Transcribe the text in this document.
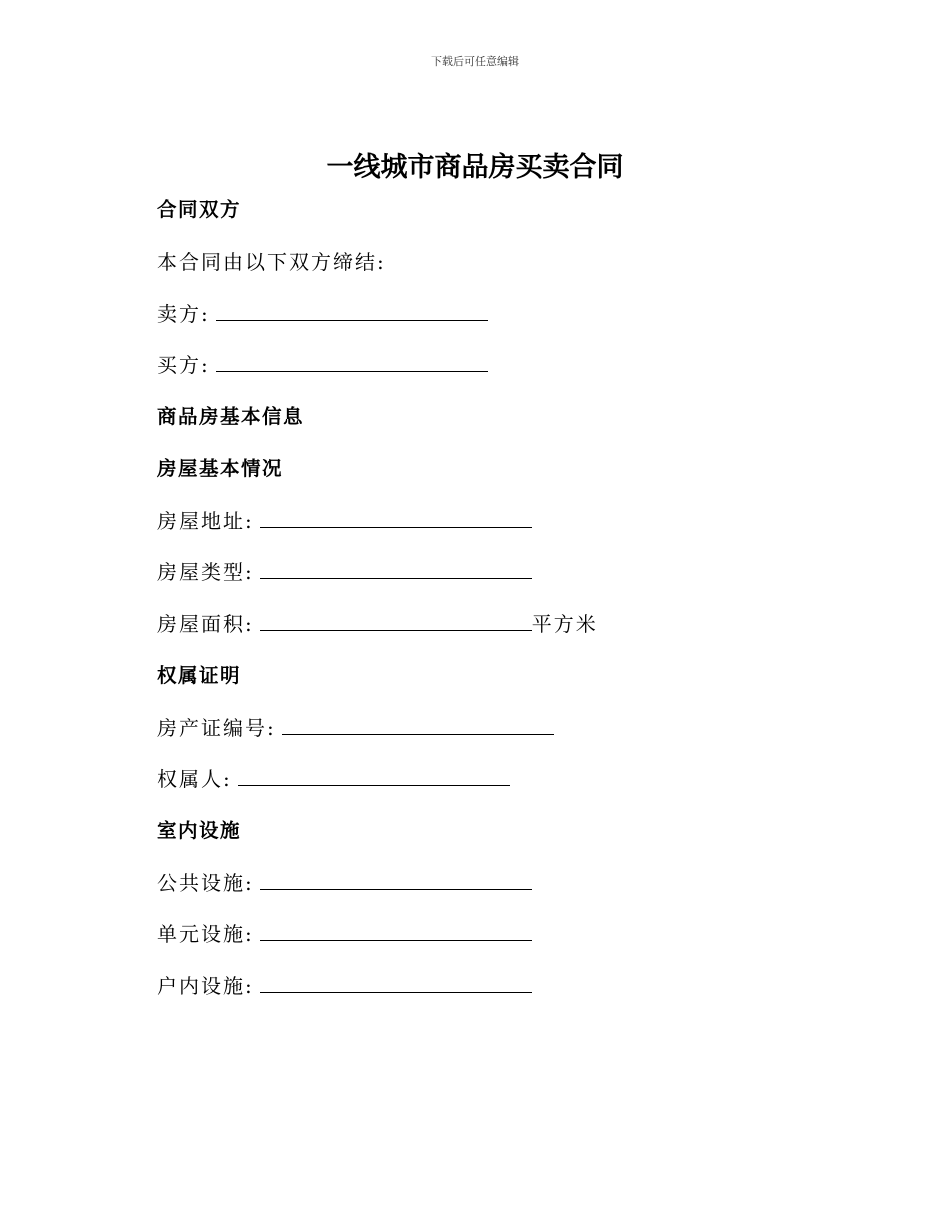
下载后可任意编辑
一线城市商品房买卖合同
合同双方
本合同由以下双方缔结:
卖方:
买方:
商品房基本信息
房屋基本情况
房屋地址:
房屋类型:
房屋面积:	平方米
权属证明
房产证编号:
权属人:
室内设施
公共设施:
单元设施:
户内设施:
